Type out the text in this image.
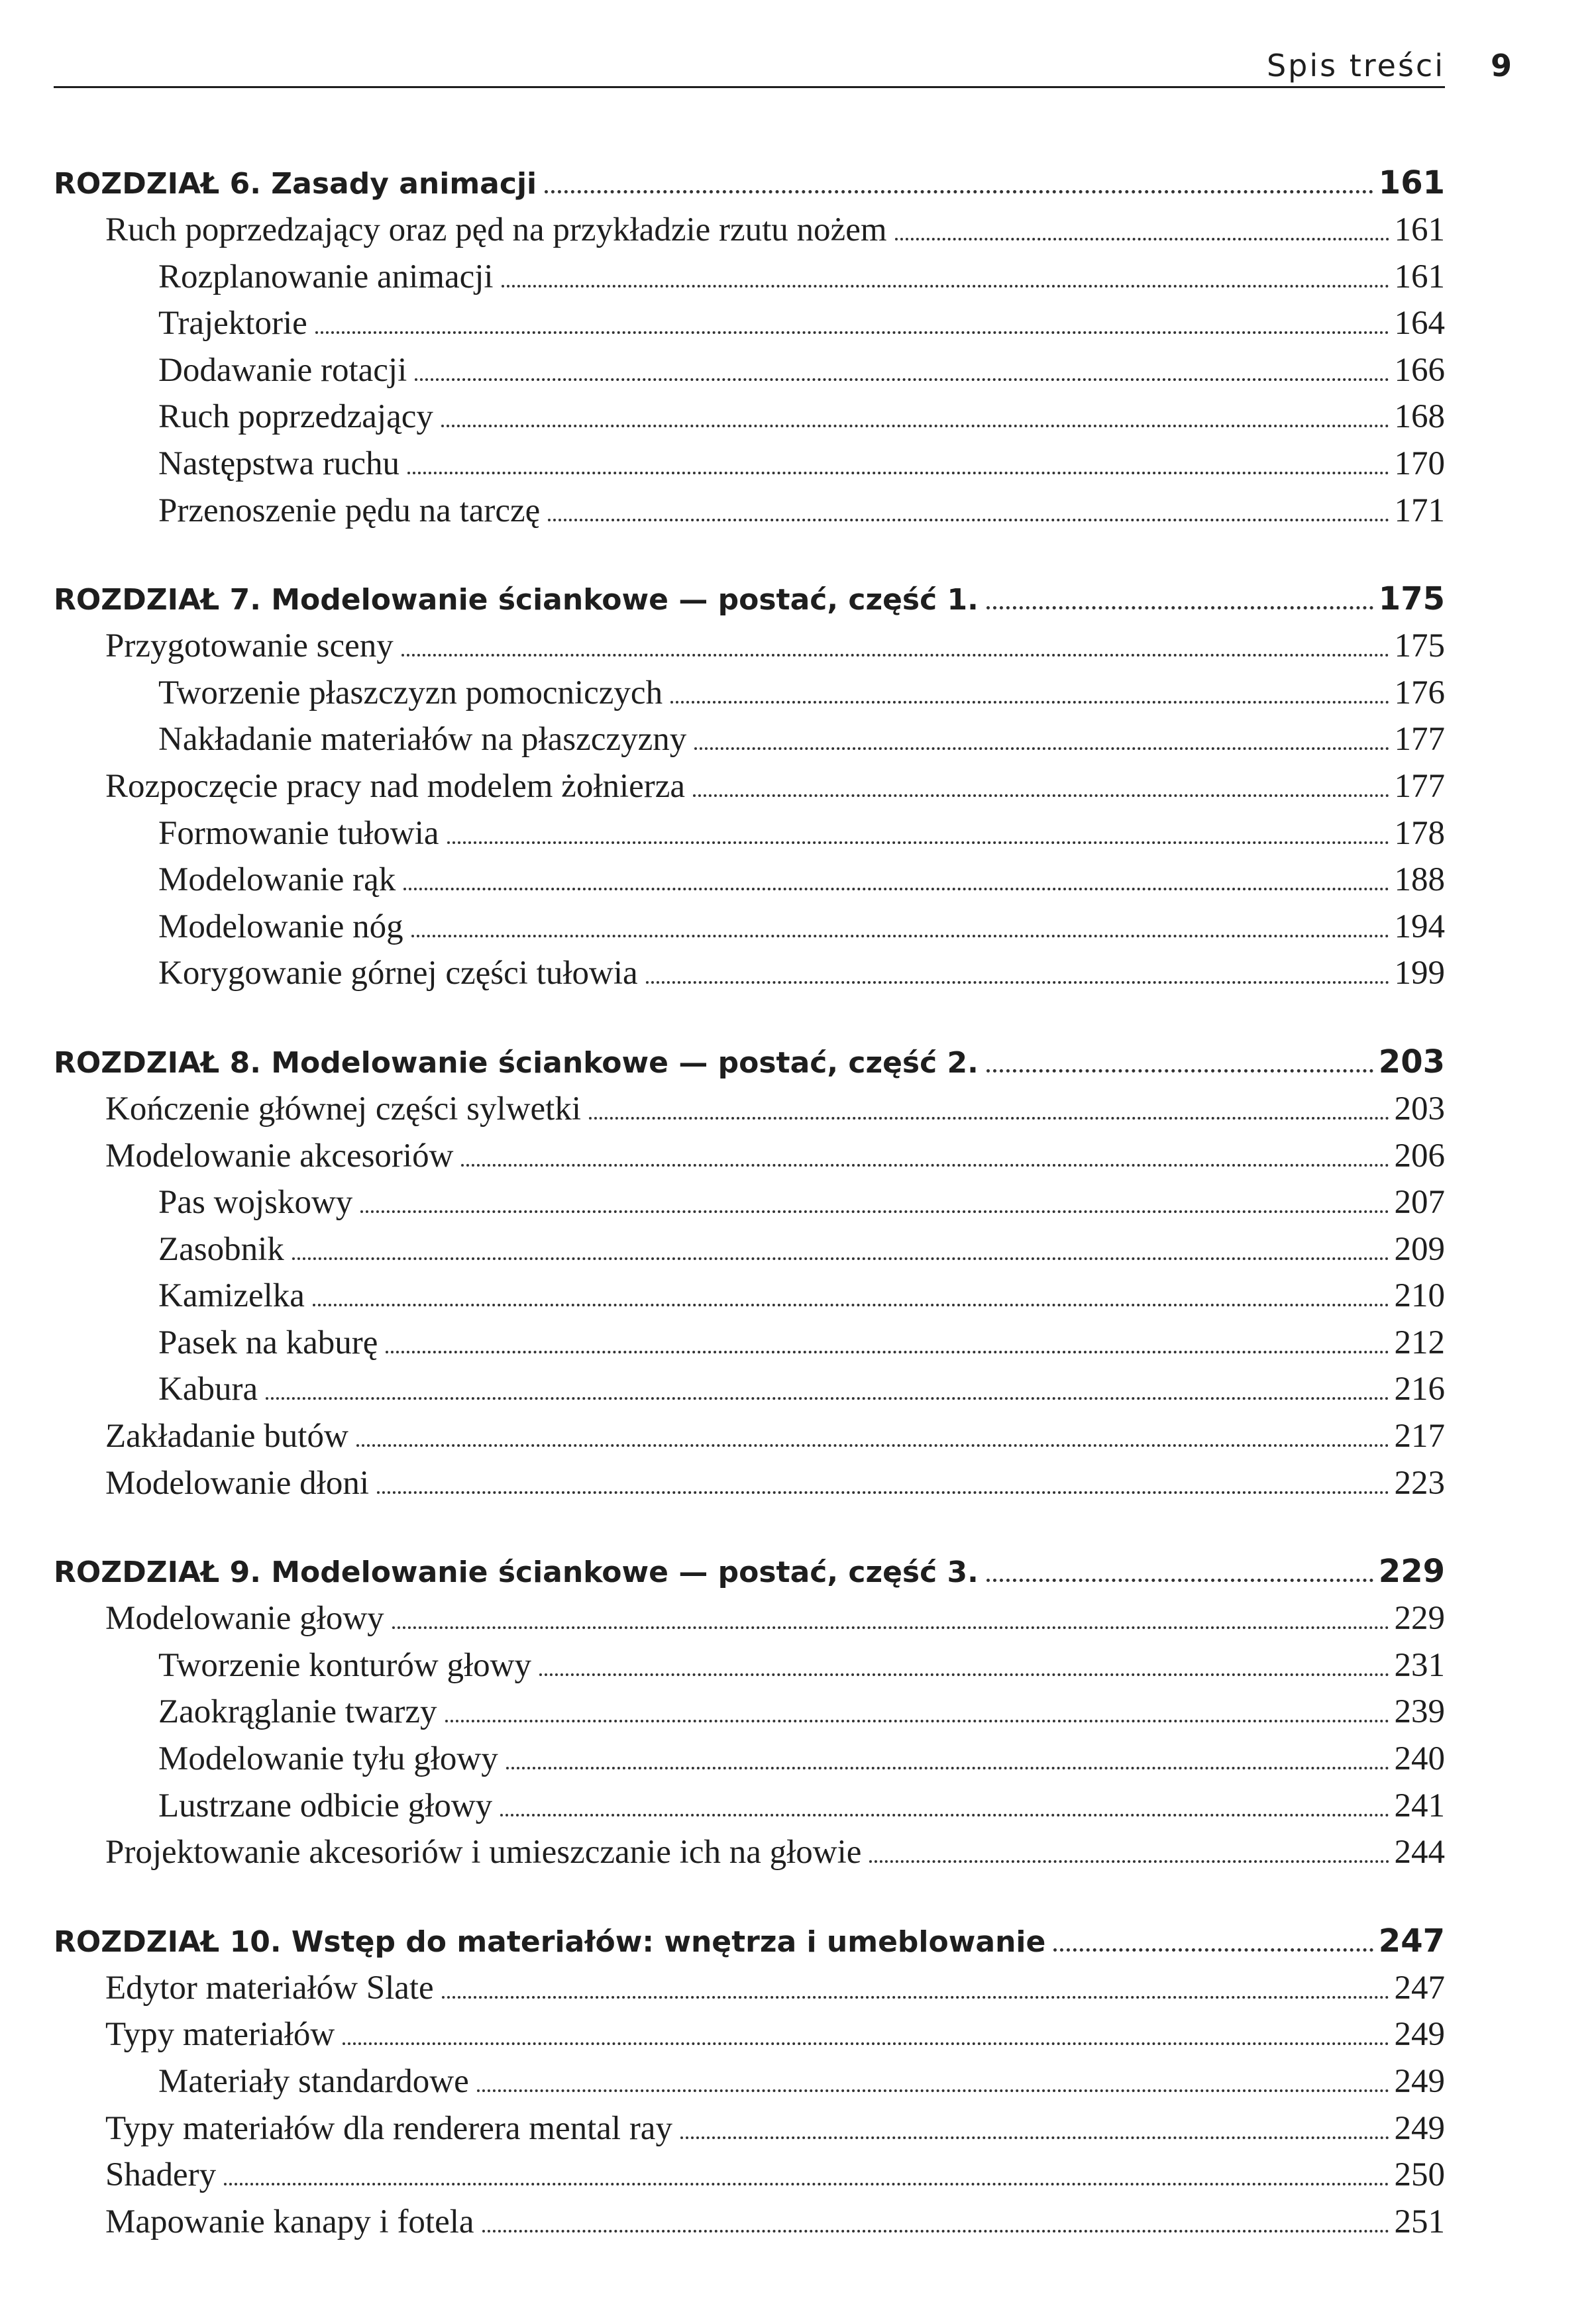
Spis treści 9
ROZDZIAŁ 6. Zasady animacji	161
Ruch poprzedzający oraz pęd na przykładzie rzutu nożem	161
Rozplanowanie animacji	161
Trajektorie	164
Dodawanie rotacji	166
Ruch poprzedzający	168
Następstwa ruchu	170
Przenoszenie pędu na tarczę	171
ROZDZIAŁ 7. Modelowanie ściankowe — postać, część 1.	175
Przygotowanie sceny	175
Tworzenie płaszczyzn pomocniczych	176
Nakładanie materiałów na płaszczyzny	177
Rozpoczęcie pracy nad modelem żołnierza	177
Formowanie tułowia	178
Modelowanie rąk	188
Modelowanie nóg	194
Korygowanie górnej części tułowia	199
ROZDZIAŁ 8. Modelowanie ściankowe — postać, część 2.	203
Kończenie głównej części sylwetki	203
Modelowanie akcesoriów	206
Pas wojskowy	207
Zasobnik	209
Kamizelka	210
Pasek na kaburę	212
Kabura	216
Zakładanie butów	217
Modelowanie dłoni	223
ROZDZIAŁ 9. Modelowanie ściankowe — postać, część 3.	229
Modelowanie głowy	229
Tworzenie konturów głowy	231
Zaokrąglanie twarzy	239
Modelowanie tyłu głowy	240
Lustrzane odbicie głowy	241
Projektowanie akcesoriów i umieszczanie ich na głowie	244
ROZDZIAŁ 10. Wstęp do materiałów: wnętrza i umeblowanie	247
Edytor materiałów Slate	247
Typy materiałów	249
Materiały standardowe	249
Typy materiałów dla renderera mental ray	249
Shadery	250
Mapowanie kanapy i fotela	251
